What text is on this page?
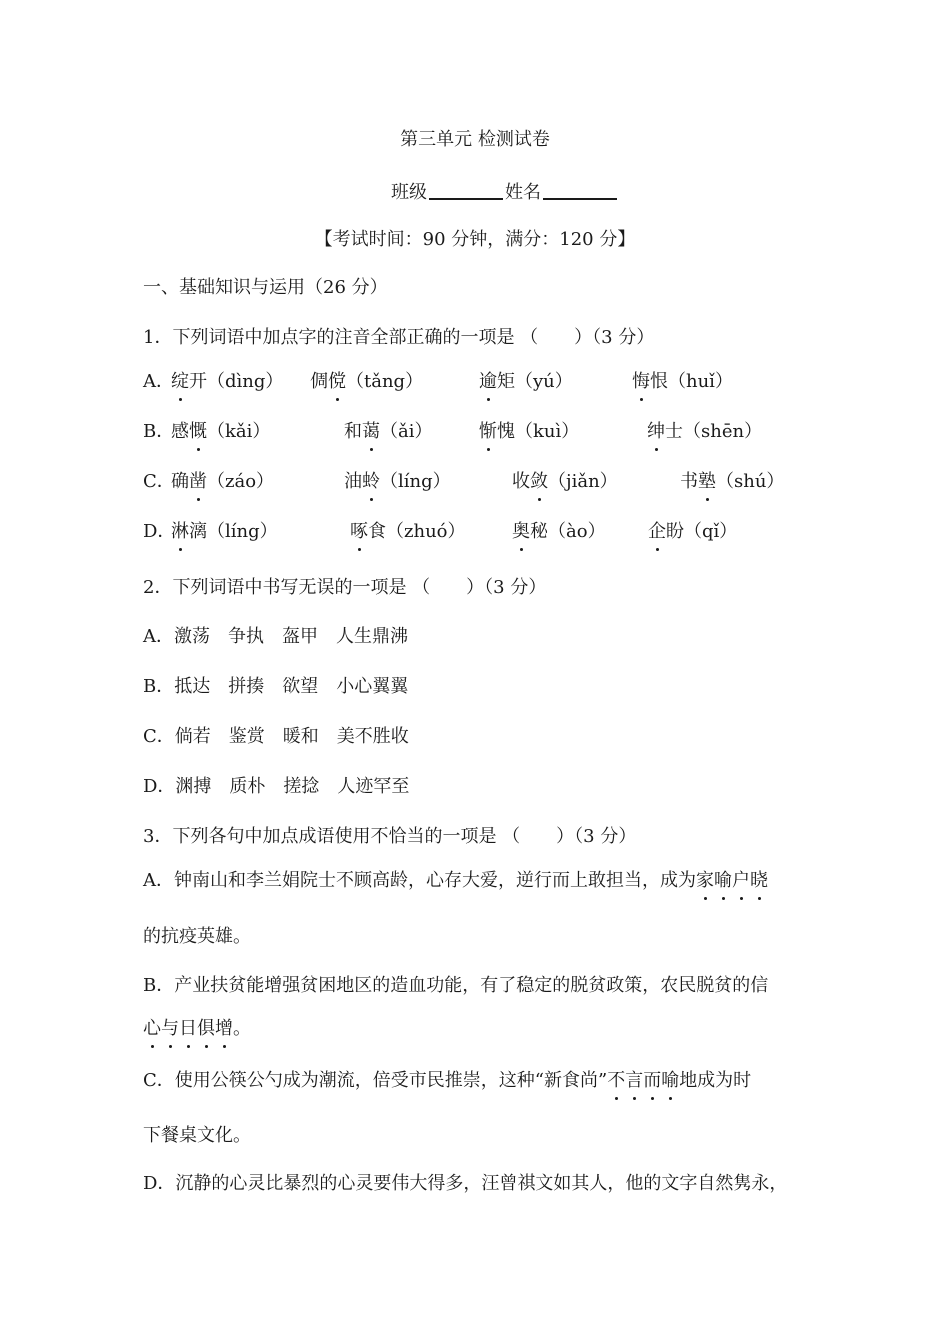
第三单元 检测试卷
班级	姓名
【考试时间：90 分钟，满分：120 分】
一、基础知识与运用（26 分）
1．下列词语中加点字的注音全部正确的一项是 （　　）（3 分）
A．
绽开（dìng） 倜傥（tǎng）	逾矩（yú）	悔恨（huǐ）
B．
感慨（kǎi）	和蔼（ǎi）	惭愧（kuì）	绅士（shēn）
C．
确凿（záo）	油蛉（líng）	收敛（jiǎn）	书塾（shú）
D．
淋漓（líng）	啄食（zhuó）	奥秘（ào） 企盼（qǐ）
2．下列词语中书写无误的一项是 （　　）（3 分）
A．激荡　争执　盔甲　人生鼎沸
B．抵达　拼揍　欲望　小心翼翼
C．倘若　鉴赏　暖和　美不胜收
D．渊搏　质朴　搓捻　人迹罕至
3．下列各句中加点成语使用不恰当的一项是 （　　）（3 分）
A．钟南山和李兰娟院士不顾高龄，心存大爱，逆行而上敢担当，成为家喻户晓
的抗疫英雄。
B．产业扶贫能增强贫困地区的造血功能，有了稳定的脱贫政策，农民脱贫的信
心与日俱增。
C．使用公筷公勺成为潮流，倍受市民推崇，这种“新食尚”不言而喻地成为时
下餐桌文化。
D．沉静的心灵比暴烈的心灵要伟大得多，汪曾祺文如其人，他的文字自然隽永，
